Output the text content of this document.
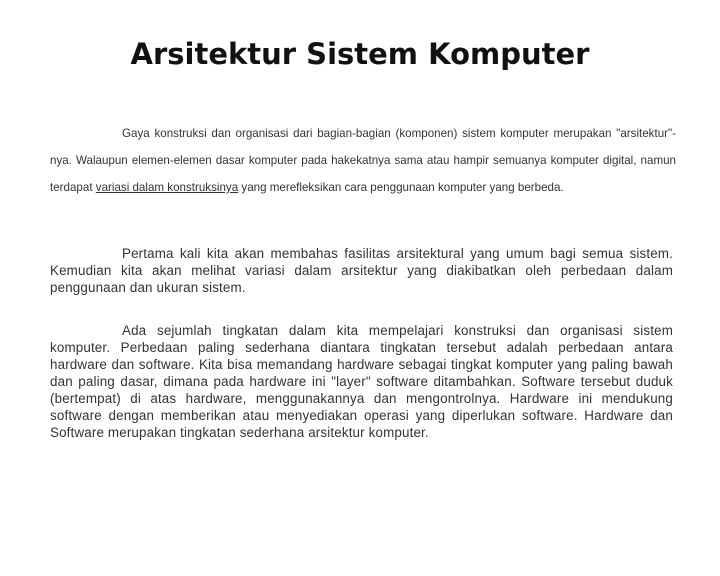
Arsitektur Sistem Komputer

Gaya konstruksi dan organisasi dari bagian-bagian (komponen) sistem komputer merupakan "arsitektur"-nya. Walaupun elemen-elemen dasar komputer pada hakekatnya sama atau hampir semuanya komputer digital, namun terdapat variasi dalam konstruksinya yang merefleksikan cara penggunaan komputer yang berbeda.

Pertama kali kita akan membahas fasilitas arsitektural yang umum bagi semua sistem. Kemudian kita akan melihat variasi dalam arsitektur yang diakibatkan oleh perbedaan dalam penggunaan dan ukuran sistem.

Ada sejumlah tingkatan dalam kita mempelajari konstruksi dan organisasi sistem komputer. Perbedaan paling sederhana diantara tingkatan tersebut adalah perbedaan antara hardware dan software. Kita bisa memandang hardware sebagai tingkat komputer yang paling bawah dan paling dasar, dimana pada hardware ini "layer" software ditambahkan. Software tersebut duduk (bertempat) di atas hardware, menggunakannya dan mengontrolnya. Hardware ini mendukung software dengan memberikan atau menyediakan operasi yang diperlukan software. Hardware dan Software merupakan tingkatan sederhana arsitektur komputer.
